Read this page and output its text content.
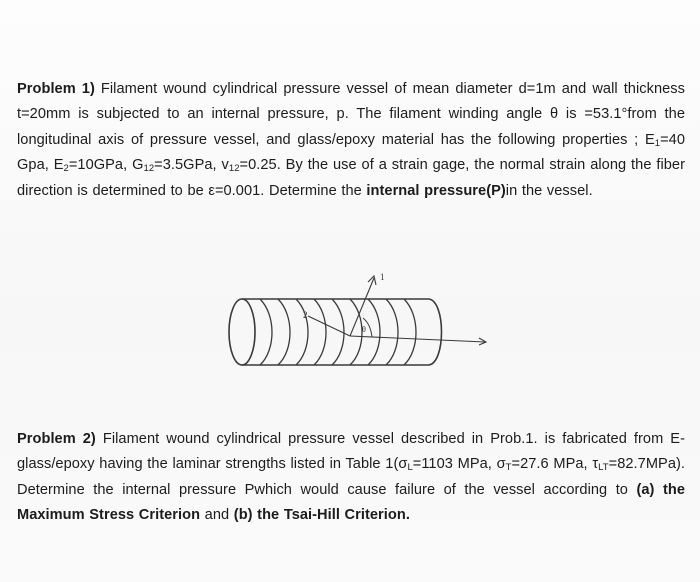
Problem 1) Filament wound cylindrical pressure vessel of mean diameter d=1m and wall thickness t=20mm is subjected to an internal pressure, p. The filament winding angle θ is =53.1°from the longitudinal axis of pressure vessel, and glass/epoxy material has the following properties ; $E_1=40$ Gpa, $E_2=10GPa$, $G_{12}=3.5GPa$, $v_{12}=0.25$. By the use of a strain gage, the normal strain along the fiber direction is determined to be ε=0.001. Determine the internal pressure(P)in the vessel.
1
2
θ
Problem 2) Filament wound cylindrical pressure vessel described in Prob.1. is fabricated from E-glass/epoxy having the laminar strengths listed in Table $1(\sigma_L=1103$ MPa, $\sigma_T=27.6$ MPa, $\tau_{LT}=82.7MPa$). Determine the internal pressure Pwhich would cause failure of the vessel according to (a) the Maximum Stress Criterion and (b) the Tsai-Hill Criterion.
